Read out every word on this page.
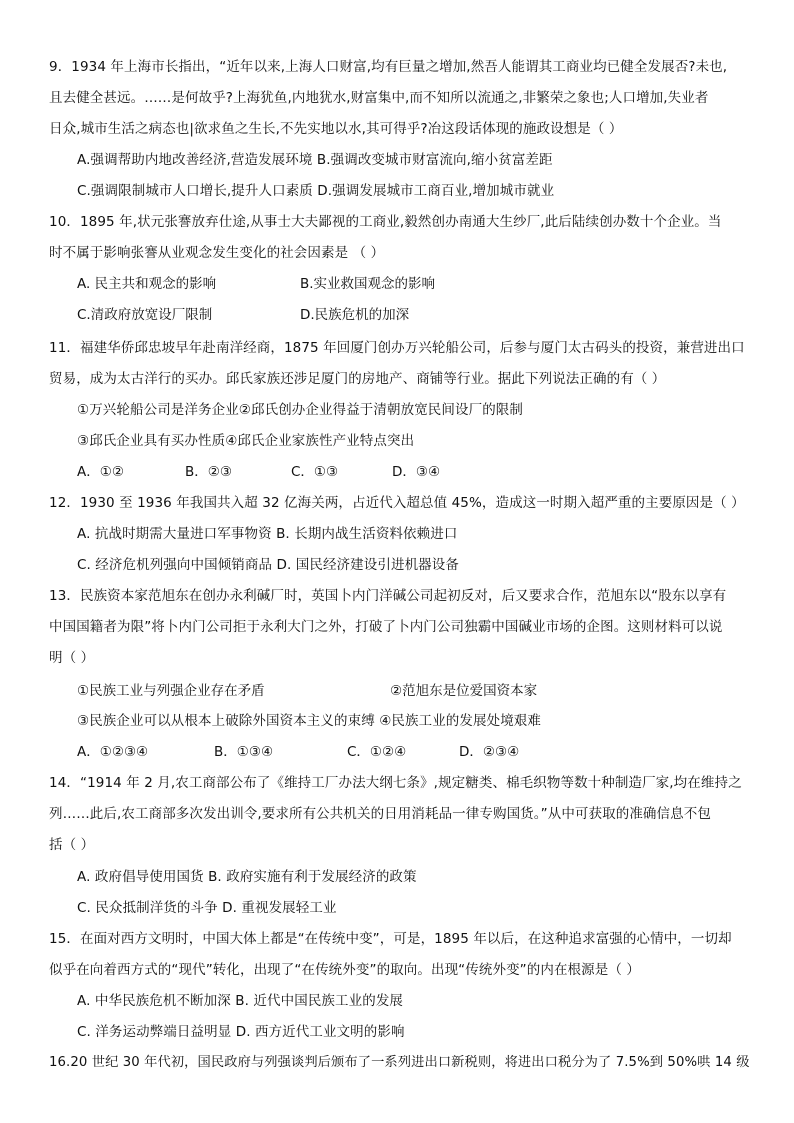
9．1934 年上海市长指出，“近年以来,上海人口财富,均有巨量之增加,然吾人能谓其工商业均已健全发展否?未也,
且去健全甚远。……是何故乎?上海犹鱼,内地犹水,财富集中,而不知所以流通之,非繁荣之象也;人口增加,失业者
日众,城市生活之病态也|欲求鱼之生长,不先实地以水,其可得乎?冶这段话体现的施政设想是（ ）
A.强调帮助内地改善经济,营造发展环境 B.强调改变城市财富流向,缩小贫富差距
C.强调限制城市人口增长,提升人口素质 D.强调发展城市工商百业,增加城市就业
10．1895 年,状元张謇放弃仕途,从事士大夫鄙视的工商业,毅然创办南通大生纱厂,此后陆续创办数十个企业。当
时不属于影响张謇从业观念发生变化的社会因素是 （ ）
A. 民主共和观念的影响	B.实业救国观念的影响
C.清政府放宽设厂限制	D.民族危机的加深
11．福建华侨邱忠坡早年赴南洋经商，1875 年回厦门创办万兴轮船公司，后参与厦门太古码头的投资，兼营进出口
贸易，成为太古洋行的买办。邱氏家族还涉足厦门的房地产、商铺等行业。据此下列说法正确的有（ ）
①万兴轮船公司是洋务企业②邱氏创办企业得益于清朝放宽民间设厂的限制
③邱氏企业具有买办性质④邱氏企业家族性产业特点突出
A．①②	B．②③	C．①③	D．③④
12．1930 至 1936 年我国共入超 32 亿海关两，占近代入超总值 45%，造成这一时期入超严重的主要原因是（ ）
A. 抗战时期需大量进口军事物资 B. 长期内战生活资料依赖进口
C. 经济危机列强向中国倾销商品 D. 国民经济建设引进机器设备
13．民族资本家范旭东在创办永利碱厂时，英国卜内门洋碱公司起初反对，后又要求合作，范旭东以“股东以享有
中国国籍者为限”将卜内门公司拒于永利大门之外，打破了卜内门公司独霸中国碱业市场的企图。这则材料可以说
明（ ）
①民族工业与列强企业存在矛盾	②范旭东是位爱国资本家
③民族企业可以从根本上破除外国资本主义的束缚 ④民族工业的发展处境艰难
A．①②③④	B．①③④	C．①②④	D．②③④
14．“1914 年 2 月,农工商部公布了《维持工厂办法大纲七条》,规定糖类、棉毛织物等数十种制造厂家,均在维持之
列……此后,农工商部多次发出训令,要求所有公共机关的日用消耗品一律专购国货。”从中可获取的准确信息不包
括（ ）
A. 政府倡导使用国货 B. 政府实施有利于发展经济的政策
C. 民众抵制洋货的斗争 D. 重视发展轻工业
15．在面对西方文明时，中国大体上都是“在传统中变”，可是，1895 年以后，在这种追求富强的心情中，一切却
似乎在向着西方式的“现代”转化，出现了“在传统外变”的取向。出现“传统外变”的内在根源是（ ）
A. 中华民族危机不断加深 B. 近代中国民族工业的发展
C. 洋务运动弊端日益明显 D. 西方近代工业文明的影响
16.20 世纪 30 年代初，国民政府与列强谈判后颁布了一系列进出口新税则，将进出口税分为了 7.5%到 50%哄 14 级
